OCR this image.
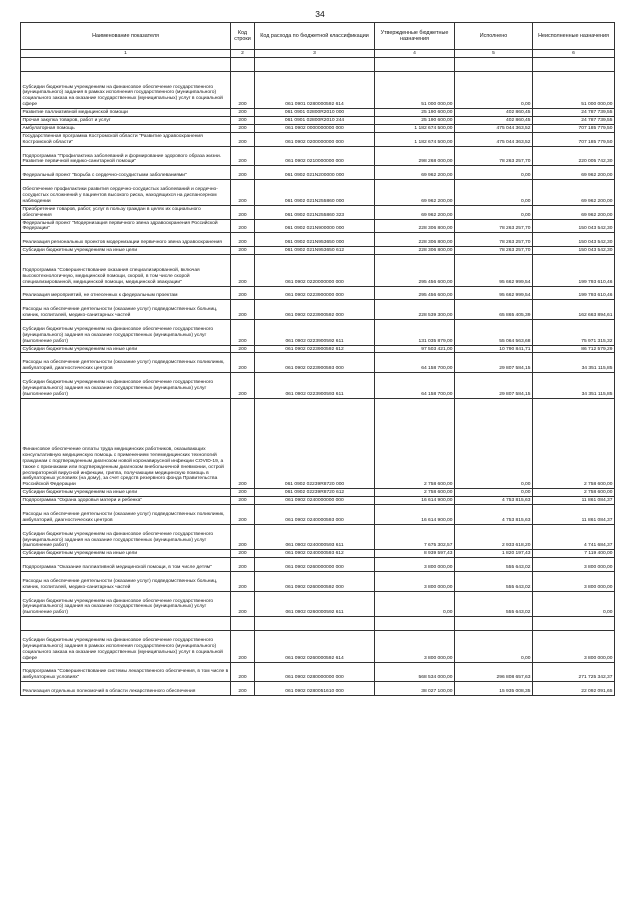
34
Наименование показателя	Код строки	Код расхода по бюджетной классификации	Утвержденные бюджетные назначения	Исполнено	Неисполненные назначения
1	2	3	4	5	6

Субсидии бюджетным учреждениям на финансовое обеспечение государственного (муниципального) задания в рамках исполнения государственного (муниципального) социального заказа на оказание государственных (муниципальных) услуг в социальной сфере	200	061 0901 0280000592 614	51 000 000,00	0,00	51 000 000,00
Развитие паллиативной медицинской помощи	200	061 0901 02800R2010 000	25 190 600,00	402 860,45	24 787 739,55
Прочая закупка товаров, работ и услуг	200	061 0901 02800R2010 244	25 190 600,00	402 860,45	24 787 739,55
Амбулаторная помощь	200	061 0902 0000000000 000	1 182 674 500,00	475 044 363,52	707 185 779,50
Государственная программа Костромской области "Развитие здравоохранения Костромской области"	200	061 0902 0200000000 000	1 182 674 500,00	475 044 363,52	707 185 779,50
Подпрограмма "Профилактика заболеваний и формирование здорового образа жизни. Развитие первичной медико-санитарной помощи"	200	061 0902 0210000000 000	298 268 000,00	78 263 257,70	220 005 742,30
Федеральный проект "Борьба с сердечно-сосудистыми заболеваниями"	200	061 0902 021N200000 000	69 962 200,00	0,00	69 962 200,00
Обеспечение профилактики развития сердечно-сосудистых заболеваний и сердечно-сосудистых осложнений у пациентов высокого риска, находящихся на диспансерном наблюдении	200	061 0902 021N255860 000	69 962 200,00	0,00	69 962 200,00
Приобретение товаров, работ, услуг в пользу граждан в целях их социального обеспечения	200	061 0902 021N255860 323	69 962 200,00	0,00	69 962 200,00
Федеральный проект "Модернизация первичного звена здравоохранения Российской Федерации"	200	061 0902 021N900000 000	228 306 800,00	78 263 257,70	150 043 542,30
Реализация региональных проектов модернизации первичного звена здравоохранения	200	061 0902 021N953650 000	228 306 800,00	78 263 257,70	150 043 542,30
Субсидии бюджетным учреждениям на иные цели	200	061 0902 021N953650 612	228 306 800,00	78 263 257,70	150 043 542,30
Подпрограмма "Совершенствование оказания специализированной, включая высокотехнологичную, медицинской помощи, скорой, в том числе скорой специализированной, медицинской помощи, медицинской эвакуации"	200	061 0902 0220000000 000	295 456 600,00	95 662 999,54	199 793 610,46
Реализация мероприятий, не отнесенных к федеральным проектам	200	061 0902 0223900000 000	295 456 600,00	95 662 999,54	199 793 610,46
Расходы на обеспечение деятельности (оказание услуг) подведомственных больниц, клиник, госпиталей, медико-санитарных частей	200	061 0902 0223900592 000	228 539 300,00	65 865 405,39	162 663 894,61
Субсидии бюджетным учреждениям на финансовое обеспечение государственного (муниципального) задания на оказание государственных (муниципальных) услуг (выполнение работ)	200	061 0902 0223900592 611	131 035 879,00	55 064 563,68	75 971 315,32
Субсидии бюджетным учреждениям на иные цели	200	061 0902 0223900592 612	97 503 421,00	10 790 841,71	86 712 579,29
Расходы на обеспечение деятельности (оказание услуг) подведомственных поликлиник, амбулаторий, диагностических центров	200	061 0902 0223900593 000	64 158 700,00	29 807 584,15	34 351 115,85
Субсидии бюджетным учреждениям на финансовое обеспечение государственного (муниципального) задания на оказание государственных (муниципальных) услуг (выполнение работ)	200	061 0902 0223900593 611	64 158 700,00	29 807 584,15	34 351 115,85
Финансовое обеспечение оплаты труда медицинских работников, оказывающих консультативную медицинскую помощь с применением телемедицинских технологий гражданам с подтвержденным диагнозом новой коронавирусной инфекции COVID-19, а также с признаками или подтвержденным диагнозом внебольничной пневмонии, острой респираторной вирусной инфекции, гриппа, получающим медицинскую помощь в амбулаторных условиях (на дому), за счет средств резервного фонда Правительства Российской Федерации	200	061 0902 02239R8720 000	2 758 600,00	0,00	2 758 600,00
Субсидии бюджетным учреждениям на иные цели	200	061 0902 02239R8720 612	2 758 600,00	0,00	2 758 600,00
Подпрограмма "Охрана здоровья матери и ребенка"	200	061 0902 0240000000 000	16 614 900,00	4 753 815,63	11 861 084,37
Расходы на обеспечение деятельности (оказание услуг) подведомственных поликлиник, амбулаторий, диагностических центров	200	061 0902 0240000593 000	16 614 900,00	4 753 815,63	11 861 084,37
Субсидии бюджетным учреждениям на финансовое обеспечение государственного (муниципального) задания на оказание государственных (муниципальных) услуг (выполнение работ)	200	061 0902 0240000593 611	7 675 302,57	2 933 618,20	4 741 684,37
Субсидии бюджетным учреждениям на иные цели	200	061 0902 0240000593 612	8 939 597,43	1 820 197,43	7 119 400,00
Подпрограмма "Оказание паллиативной медицинской помощи, в том числе детям"	200	061 0902 0260000000 000	3 800 000,00	555 643,02	3 800 000,00
Расходы на обеспечение деятельности (оказание услуг) подведомственных больниц, клиник, госпиталей, медико-санитарных частей	200	061 0902 0260000592 000	3 800 000,00	555 643,02	3 800 000,00
Субсидии бюджетным учреждениям на финансовое обеспечение государственного (муниципального) задания на оказание государственных (муниципальных) услуг (выполнение работ)	200	061 0902 0260000592 611	0,00	555 643,02	0,00

Субсидии бюджетным учреждениям на финансовое обеспечение государственного (муниципального) задания в рамках исполнения государственного (муниципального) социального заказа на оказание государственных (муниципальных) услуг в социальной сфере	200	061 0902 0260000592 614	3 800 000,00	0,00	3 800 000,00
Подпрограмма "Совершенствование системы лекарственного обеспечения, в том числе в амбулаторных условиях"	200	061 0902 0280000000 000	568 534 000,00	296 808 657,63	271 725 342,37
Реализация отдельных полномочий в области лекарственного обеспечения	200	061 0902 0280051610 000	38 027 100,00	15 935 008,35	22 092 091,65
